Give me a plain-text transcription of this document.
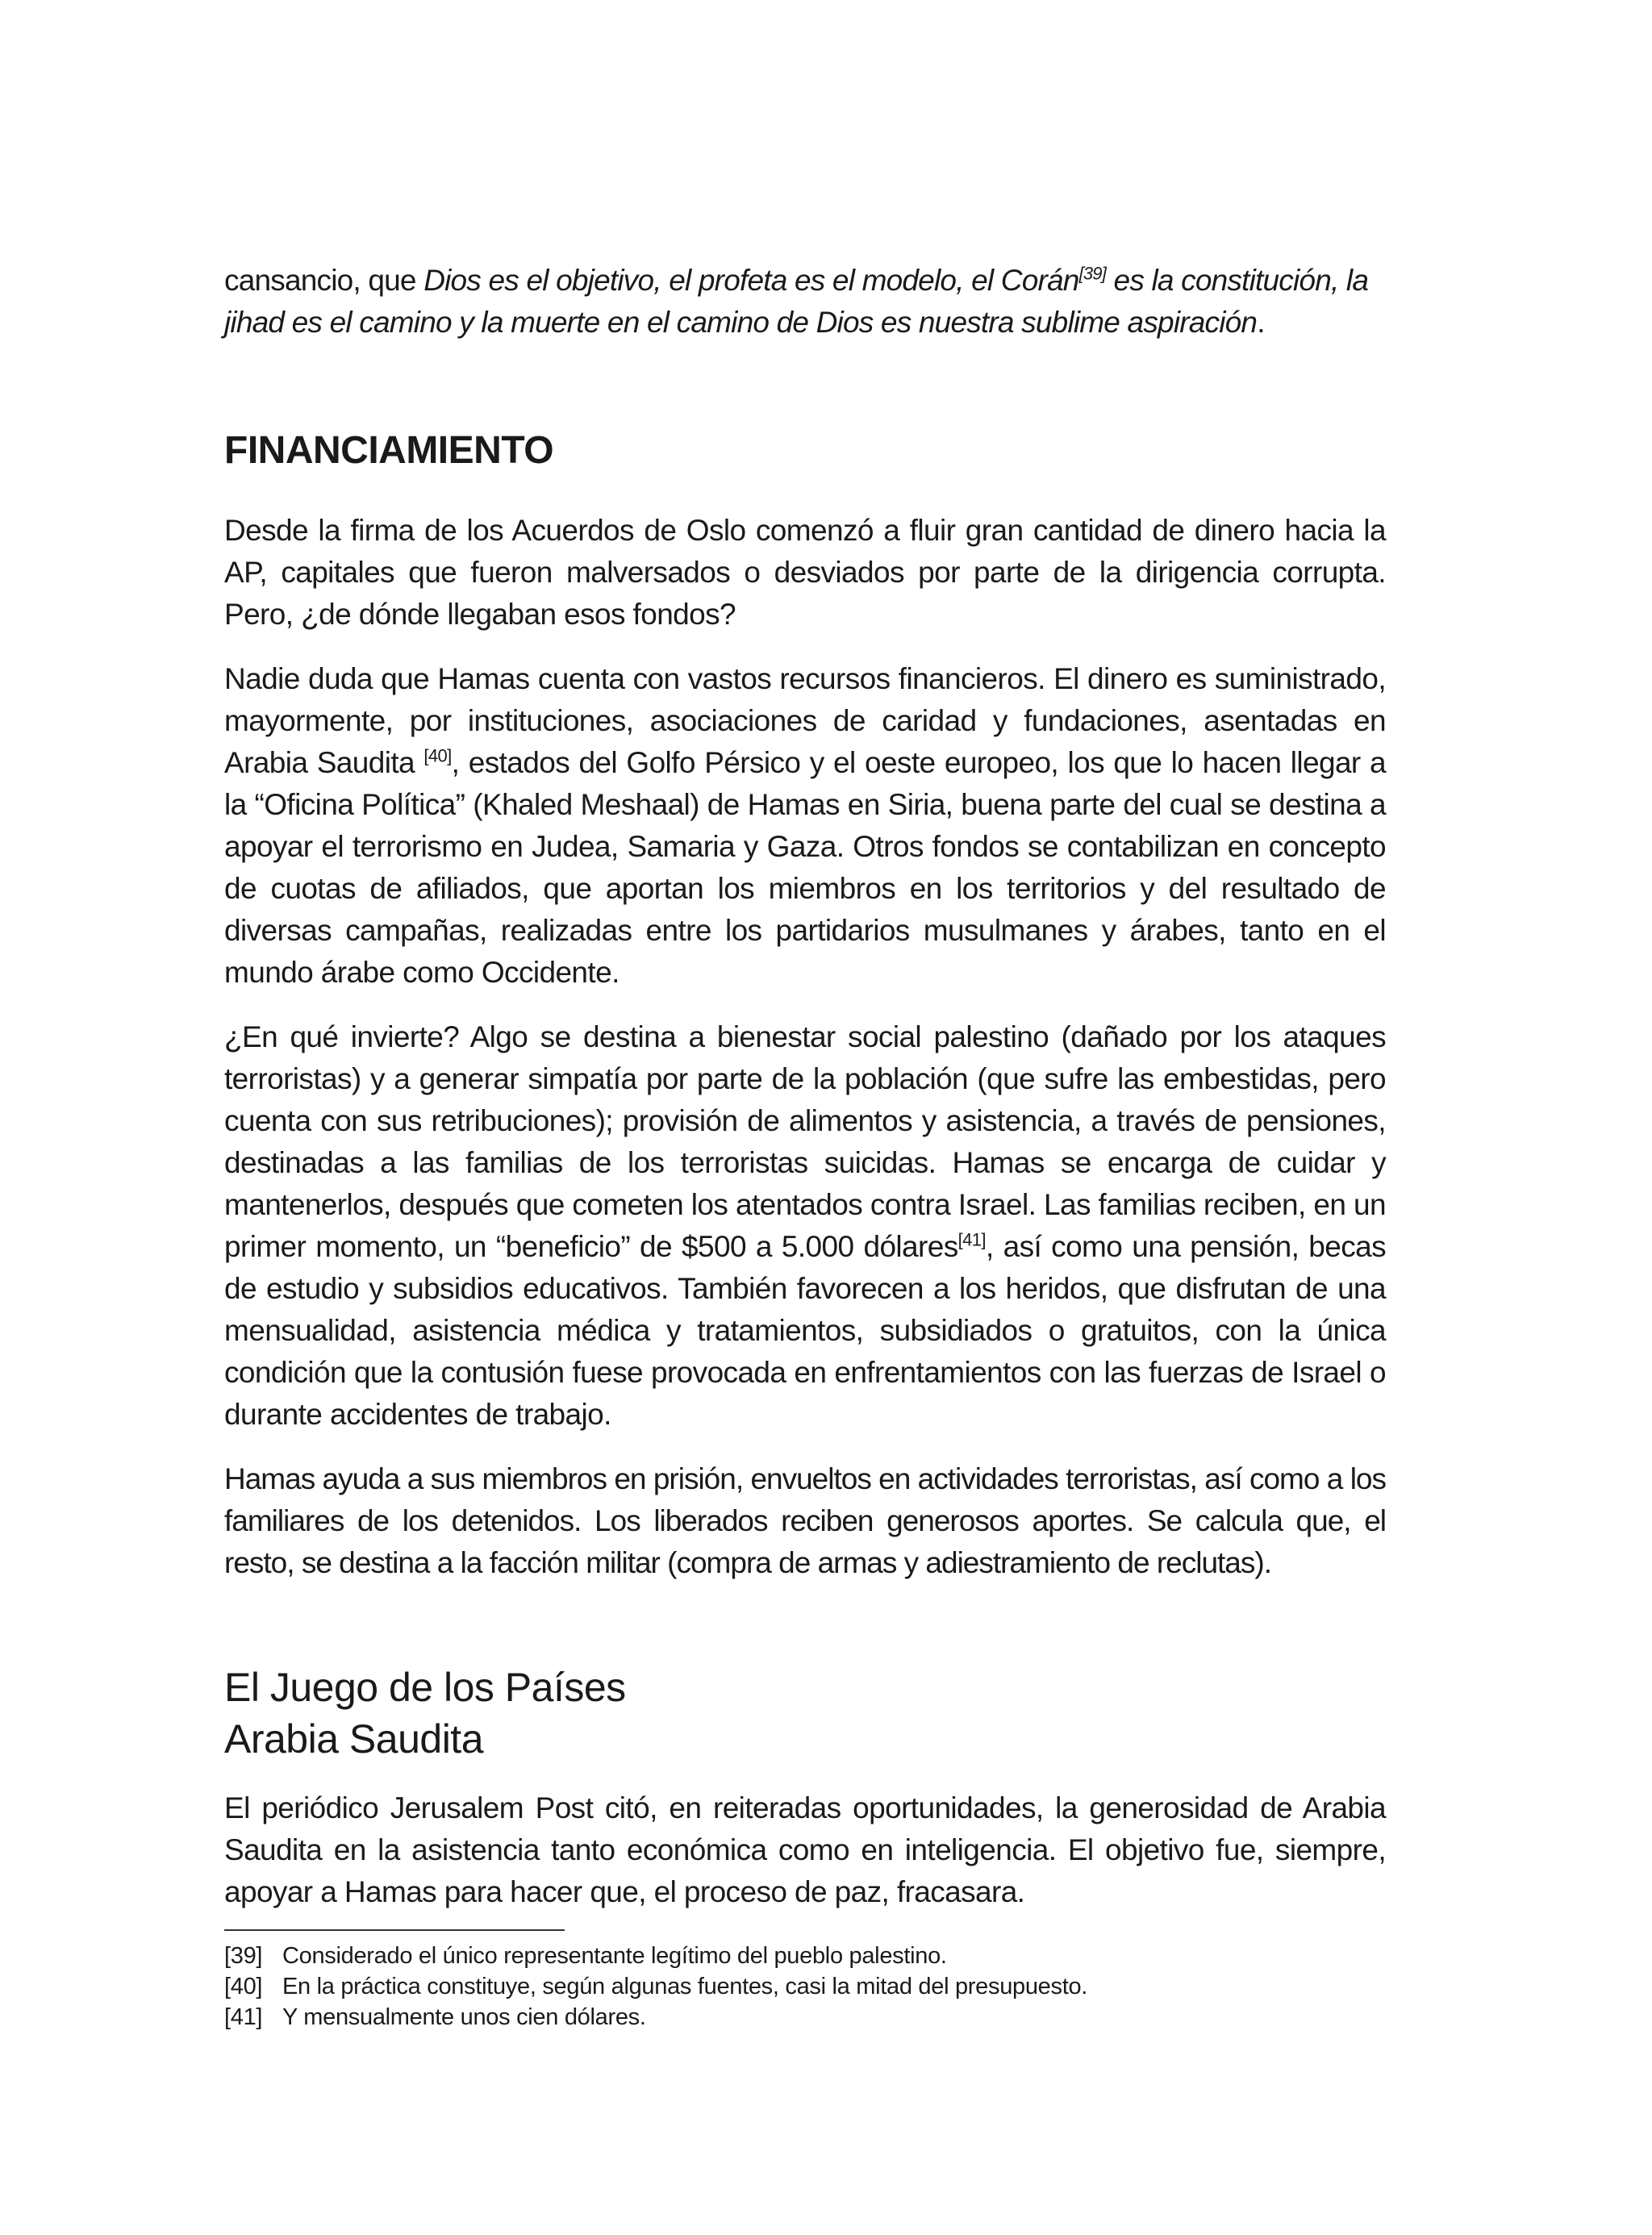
cansancio, que Dios es el objetivo, el profeta es el modelo, el Corán[39] es la constitución, la jihad es el camino y la muerte en el camino de Dios es nuestra sublime aspiración.

FINANCIAMIENTO

Desde la firma de los Acuerdos de Oslo comenzó a fluir gran cantidad de dinero hacia la AP, capitales que fueron malversados o desviados por parte de la dirigencia corrupta. Pero, ¿de dónde llegaban esos fondos?

Nadie duda que Hamas cuenta con vastos recursos financieros. El dinero es suministrado, mayormente, por instituciones, asociaciones de caridad y fundaciones, asentadas en Arabia Saudita [40], estados del Golfo Pérsico y el oeste europeo, los que lo hacen llegar a la “Oficina Política” (Khaled Meshaal) de Hamas en Siria, buena parte del cual se destina a apoyar el terrorismo en Judea, Samaria y Gaza. Otros fondos se contabilizan en concepto de cuotas de afiliados, que aportan los miembros en los territorios y del resultado de diversas campañas, realizadas entre los partidarios musulmanes y árabes, tanto en el mundo árabe como Occidente.

¿En qué invierte? Algo se destina a bienestar social palestino (dañado por los ataques terroristas) y a generar simpatía por parte de la población (que sufre las embestidas, pero cuenta con sus retribuciones); provisión de alimentos y asistencia, a través de pensiones, destinadas a las familias de los terroristas suicidas. Hamas se encarga de cuidar y mantenerlos, después que cometen los atentados contra Israel. Las familias reciben, en un primer momento, un “beneficio” de $500 a 5.000 dólares[41], así como una pensión, becas de estudio y subsidios educativos. También favorecen a los heridos, que disfrutan de una mensualidad, asistencia médica y tratamientos, subsidiados o gratuitos, con la única condición que la contusión fuese provocada en enfrentamientos con las fuerzas de Israel o durante accidentes de trabajo.

Hamas ayuda a sus miembros en prisión, envueltos en actividades terroristas, así como a los familiares de los detenidos. Los liberados reciben generosos aportes. Se calcula que, el resto, se destina a la facción militar (compra de armas y adiestramiento de reclutas).

El Juego de los Países
Arabia Saudita

El periódico Jerusalem Post citó, en reiteradas oportunidades, la generosidad de Arabia Saudita en la asistencia tanto económica como en inteligencia. El objetivo fue, siempre, apoyar a Hamas para hacer que, el proceso de paz, fracasara.

[39] Considerado el único representante legítimo del pueblo palestino.

[40] En la práctica constituye, según algunas fuentes, casi la mitad del presupuesto.

[41] Y mensualmente unos cien dólares.
